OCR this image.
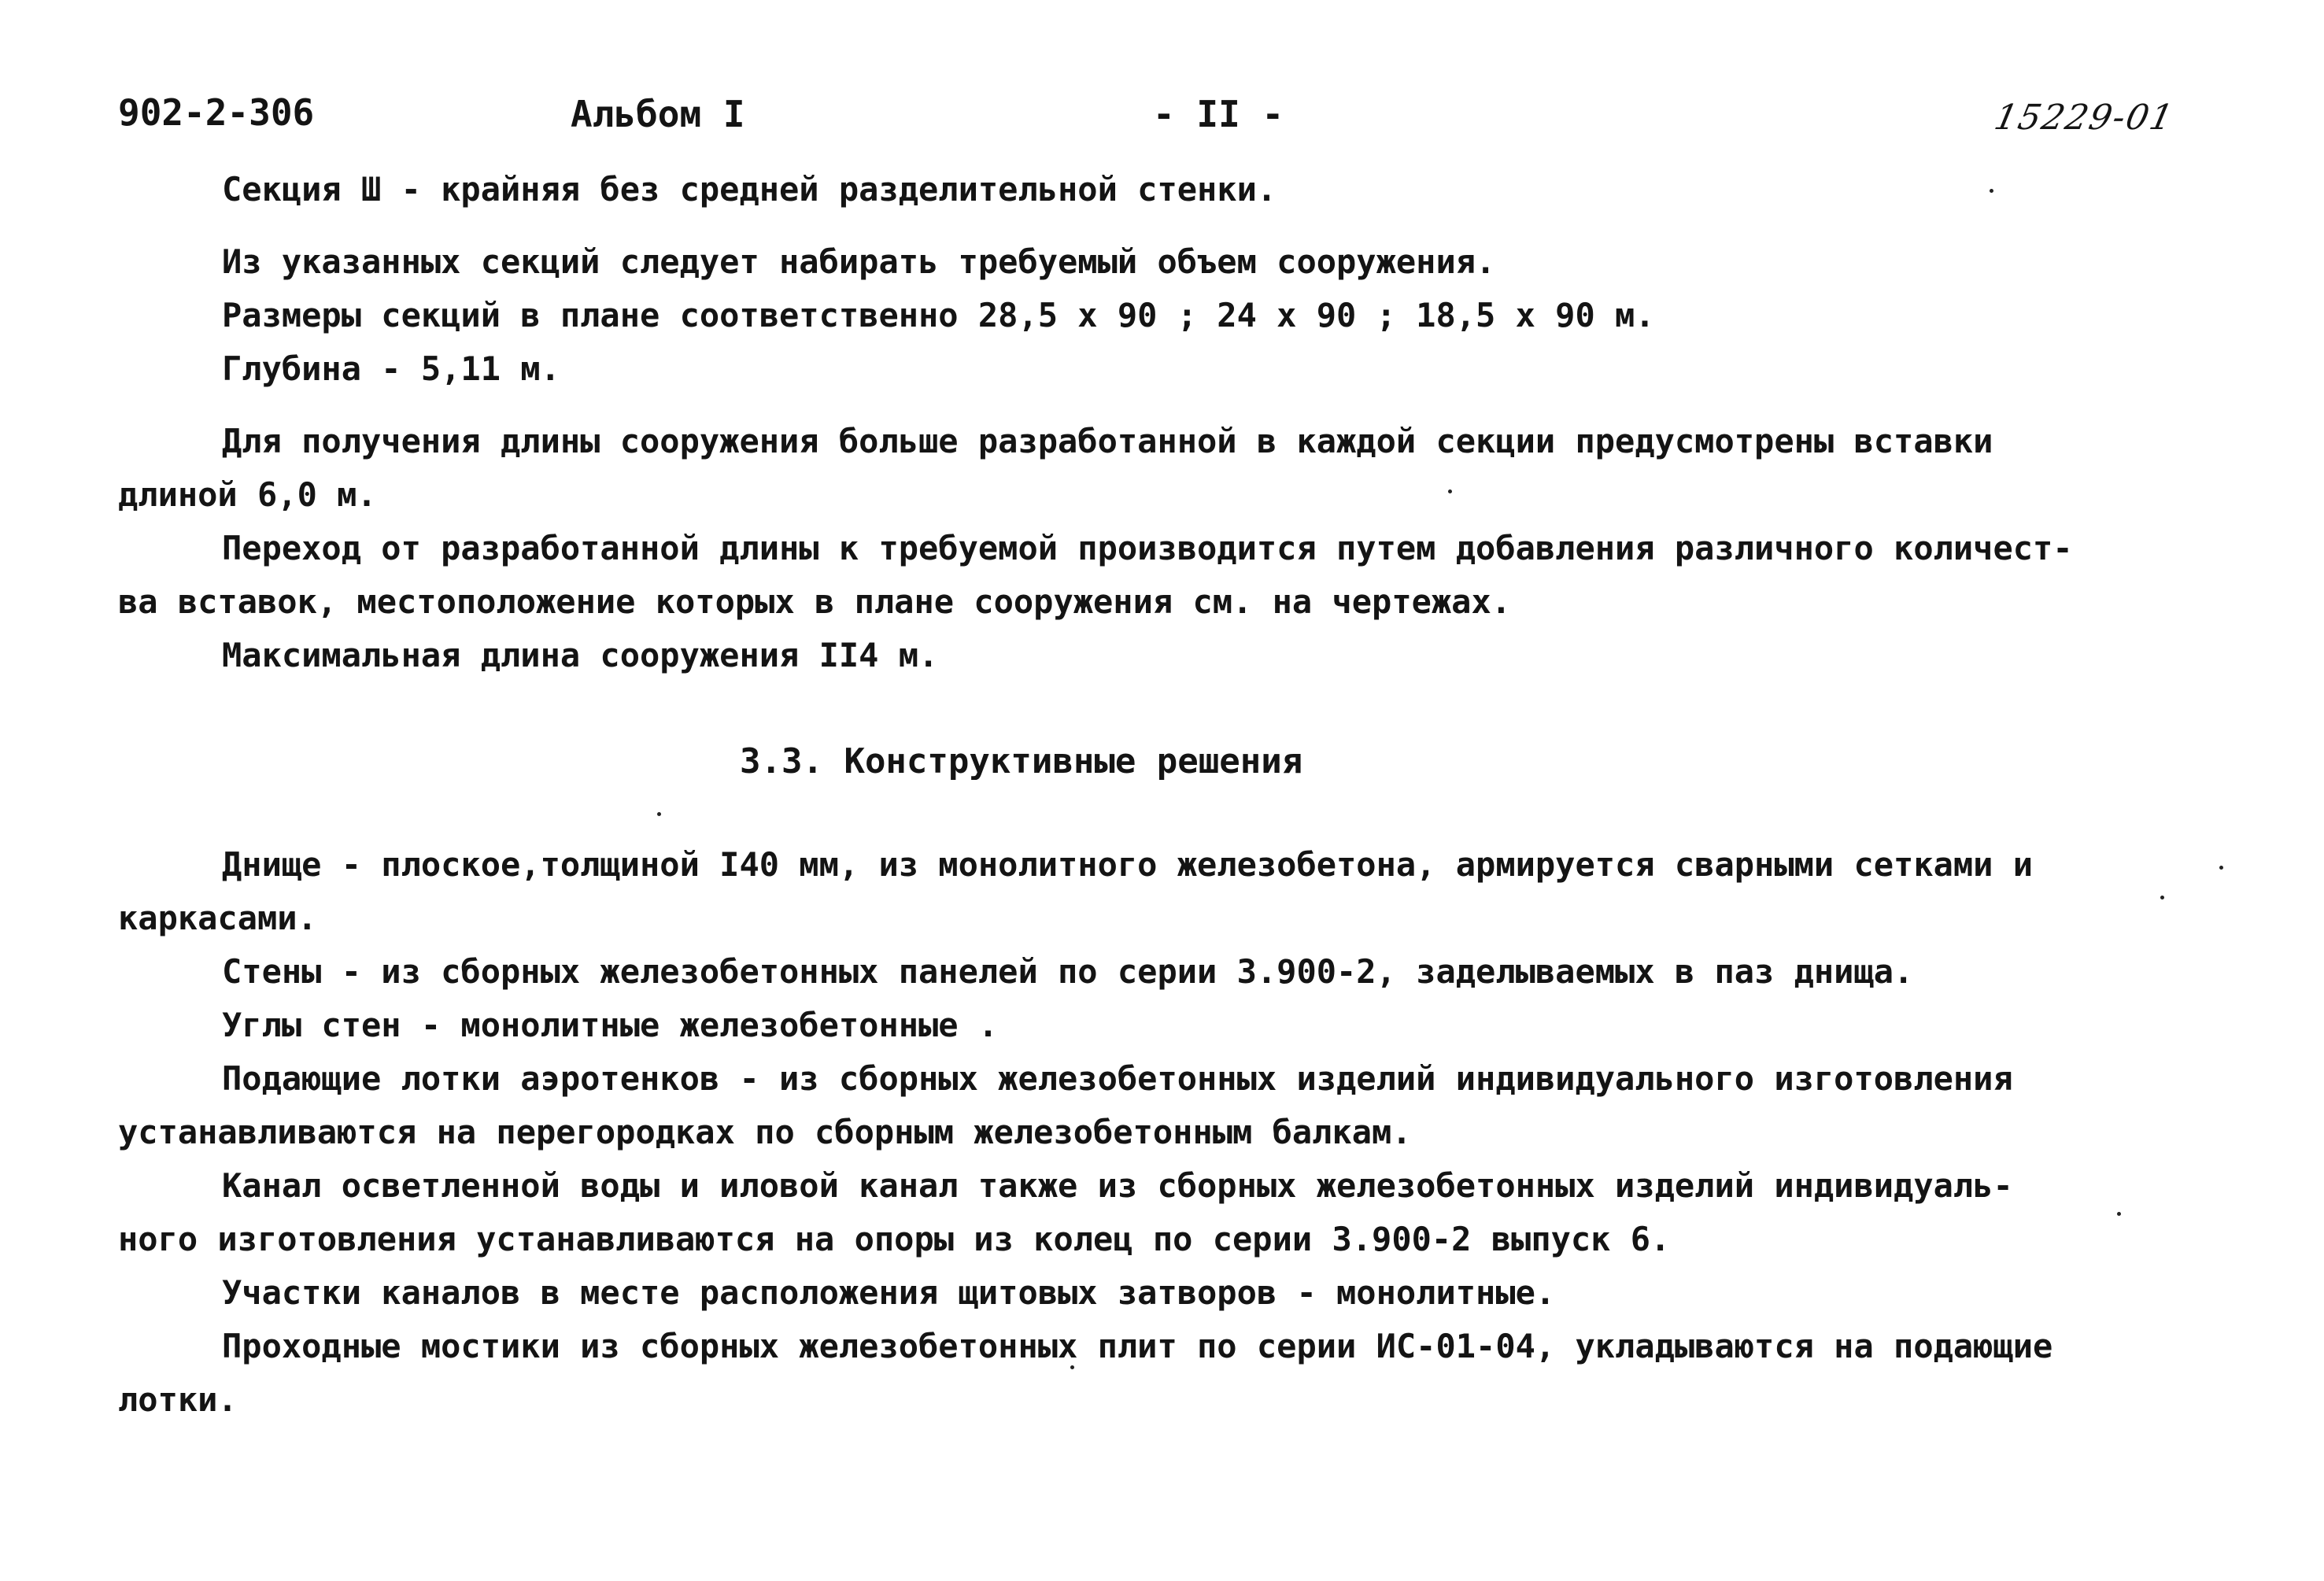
902-2-306	Альбом I	- II -	15229-01
Секция Ш - крайняя без средней разделительной стенки.
Из указанных секций следует набирать требуемый объем сооружения.
Размеры секций в плане соответственно 28,5 х 90 ; 24 х 90 ; 18,5 х 90 м.
Глубина - 5,11 м.
Для получения длины сооружения больше разработанной в каждой секции предусмотрены вставки
длиной 6,0 м.
Переход от разработанной длины к требуемой производится путем добавления различного количест-
ва вставок, местоположение которых в плане сооружения см. на чертежах.
Максимальная длина сооружения II4 м.
3.3. Конструктивные решения
Днище - плоское,толщиной I40 мм, из монолитного железобетона, армируется сварными сетками и
каркасами.
Стены - из сборных железобетонных панелей по серии 3.900-2, заделываемых в паз днища.
Углы стен - монолитные железобетонные .
Подающие лотки аэротенков - из сборных железобетонных изделий индивидуального изготовления
устанавливаются на перегородках по сборным железобетонным балкам.
Канал осветленной воды и иловой канал также из сборных железобетонных изделий индивидуаль-
ного изготовления устанавливаются на опоры из колец по серии 3.900-2 выпуск 6.
Участки каналов в месте расположения щитовых затворов - монолитные.
Проходные мостики из сборных железобетонных плит по серии ИС-01-04, укладываются на подающие
лотки.
